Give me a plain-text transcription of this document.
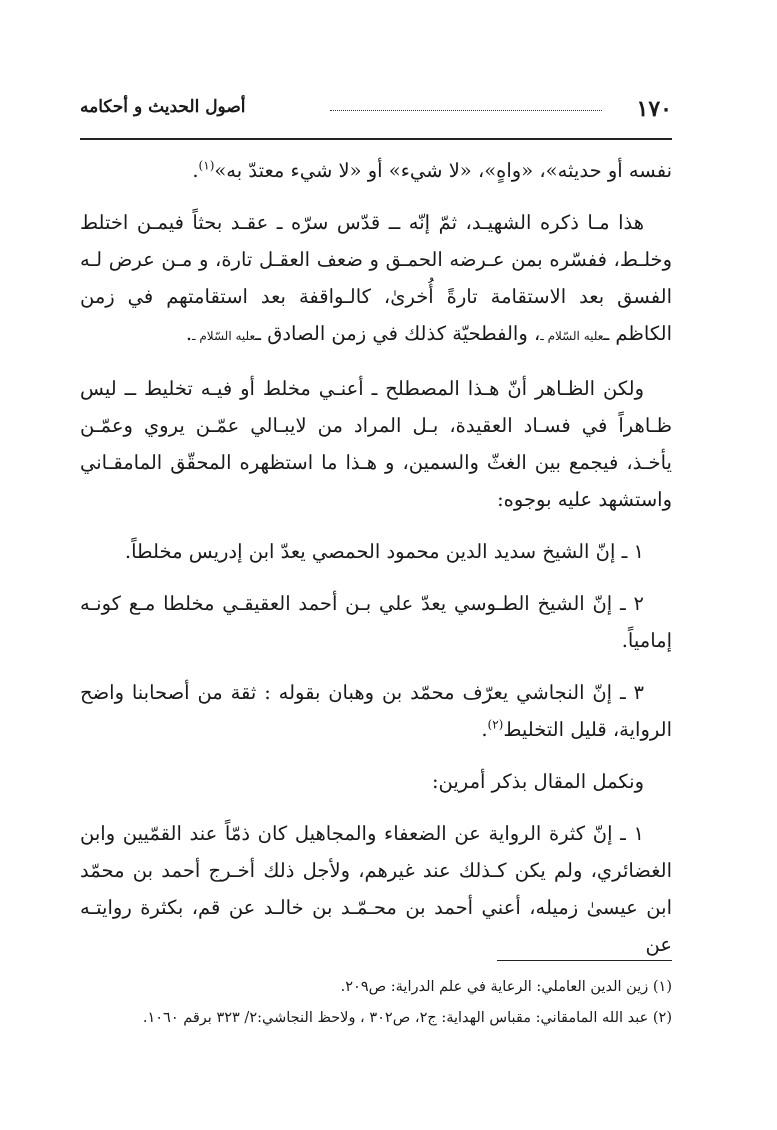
١٧٠
أصول الحديث و أحكامه

نفسه أو حديثه»، «واهٍ»، «لا شيء» أو «لا شيء معتدّ به»$^{(١)}$.

هذا مـا ذكره الشهيـد، ثمّ إنّه ــ قدّس سرّه ـ عقـد بحثاً فيمـن اختلط وخلـط، ففسّره بمن عـرضه الحمـق و ضعف العقـل تارة، و مـن عرض لـه الفسق بعد الاستقامة تارةً أُخرىٰ، كالـواقفة بعد استقامتهم في زمن الكاظم ـعليه السّلام ـ، والفطحيّة كذلك في زمن الصادق ـعليه السّلام ـ.

ولكن الظـاهر أنّ هـذا المصطلح ـ أعنـي مخلط أو فيـه تخليط ــ ليس ظـاهراً في فسـاد العقيدة، بـل المراد من لايبـالي عمّـن يروي وعمّـن يأخـذ، فيجمع بين الغثّ والسمين، و هـذا ما استظهره المحقّق المامقـاني واستشهد عليه بوجوه:

١ ـ إنّ الشيخ سديد الدين محمود الحمصي يعدّ ابن إدريس مخلطاً.

٢ ـ إنّ الشيخ الطـوسي يعدّ علي بـن أحمد العقيقـي مخلطا مـع كونـه إمامياً.

٣ ـ إنّ النجاشي يعرّف محمّد بن وهبان بقوله : ثقة من أصحابنا واضح الرواية، قليل التخليط$^{(٢)}$.

ونكمل المقال بذكر أمرين:

١ ـ إنّ كثرة الرواية عن الضعفاء والمجاهيل كان ذمّاً عند القمّيين وابن الغضائري، ولم يكن كـذلك عند غيرهم، ولأجل ذلك أخـرج أحمد بن محمّد ابن عيسىٰ زميله، أعني أحمد بن محـمّـد بن خالـد عن قم، بكثرة روايتـه عن

(١) زين الدين العاملي: الرعاية في علم الدراية: ص٢٠٩.
(٢) عبد الله المامقاني: مقباس الهداية: ج٢، ص٣٠٢ ، ولاحظ النجاشي:٢/ ٣٢٣ برقم ١٠٦٠.
